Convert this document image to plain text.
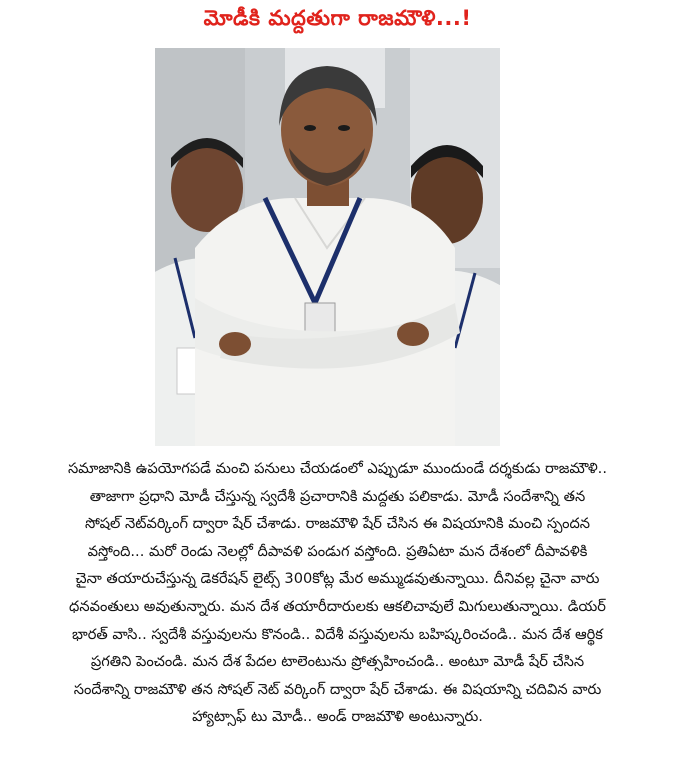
మోడీకి మద్దతుగా రాజమౌళి...!
సమాజానికి ఉపయోగపడే మంచి పనులు చేయడంలో ఎప్పుడూ ముందుండే దర్శకుడు రాజమౌళి..
తాజాగా ప్రధాని మోడీ చేస్తున్న స్వదేశీ ప్రచారానికి మద్దతు పలికాడు. మోడీ సందేశాన్ని తన
సోషల్ నెట్‌వర్కింగ్ ద్వారా షేర్ చేశాడు. రాజమౌళి షేర్ చేసిన ఈ విషయానికి మంచి స్పందన
వస్తోంది... మరో రెండు నెలల్లో దీపావళి పండుగ వస్తోంది. ప్రతిఏటా మన దేశంలో దీపావళికి
చైనా తయారుచేస్తున్న డెకరేషన్ లైట్స్ 300కోట్ల మేర అమ్ముడవుతున్నాయి. దీనివల్ల చైనా వారు
ధనవంతులు అవుతున్నారు. మన దేశ తయారీదారులకు ఆకలిచావులే మిగులుతున్నాయి. డియర్
భారత్ వాసి.. స్వదేశీ వస్తువులను కొనండి.. విదేశీ వస్తువులను బహిష్కరించండి.. మన దేశ ఆర్థిక
ప్రగతిని పెంచండి. మన దేశ పేదల టాలెంటును ప్రోత్సహించండి.. అంటూ మోడీ షేర్ చేసిన
సందేశాన్ని రాజమౌళి తన సోషల్ నెట్ వర్కింగ్ ద్వారా షేర్ చేశాడు. ఈ విషయాన్ని చదివిన వారు
హ్యాట్సాఫ్ టు మోడీ.. అండ్ రాజమౌళి అంటున్నారు.
